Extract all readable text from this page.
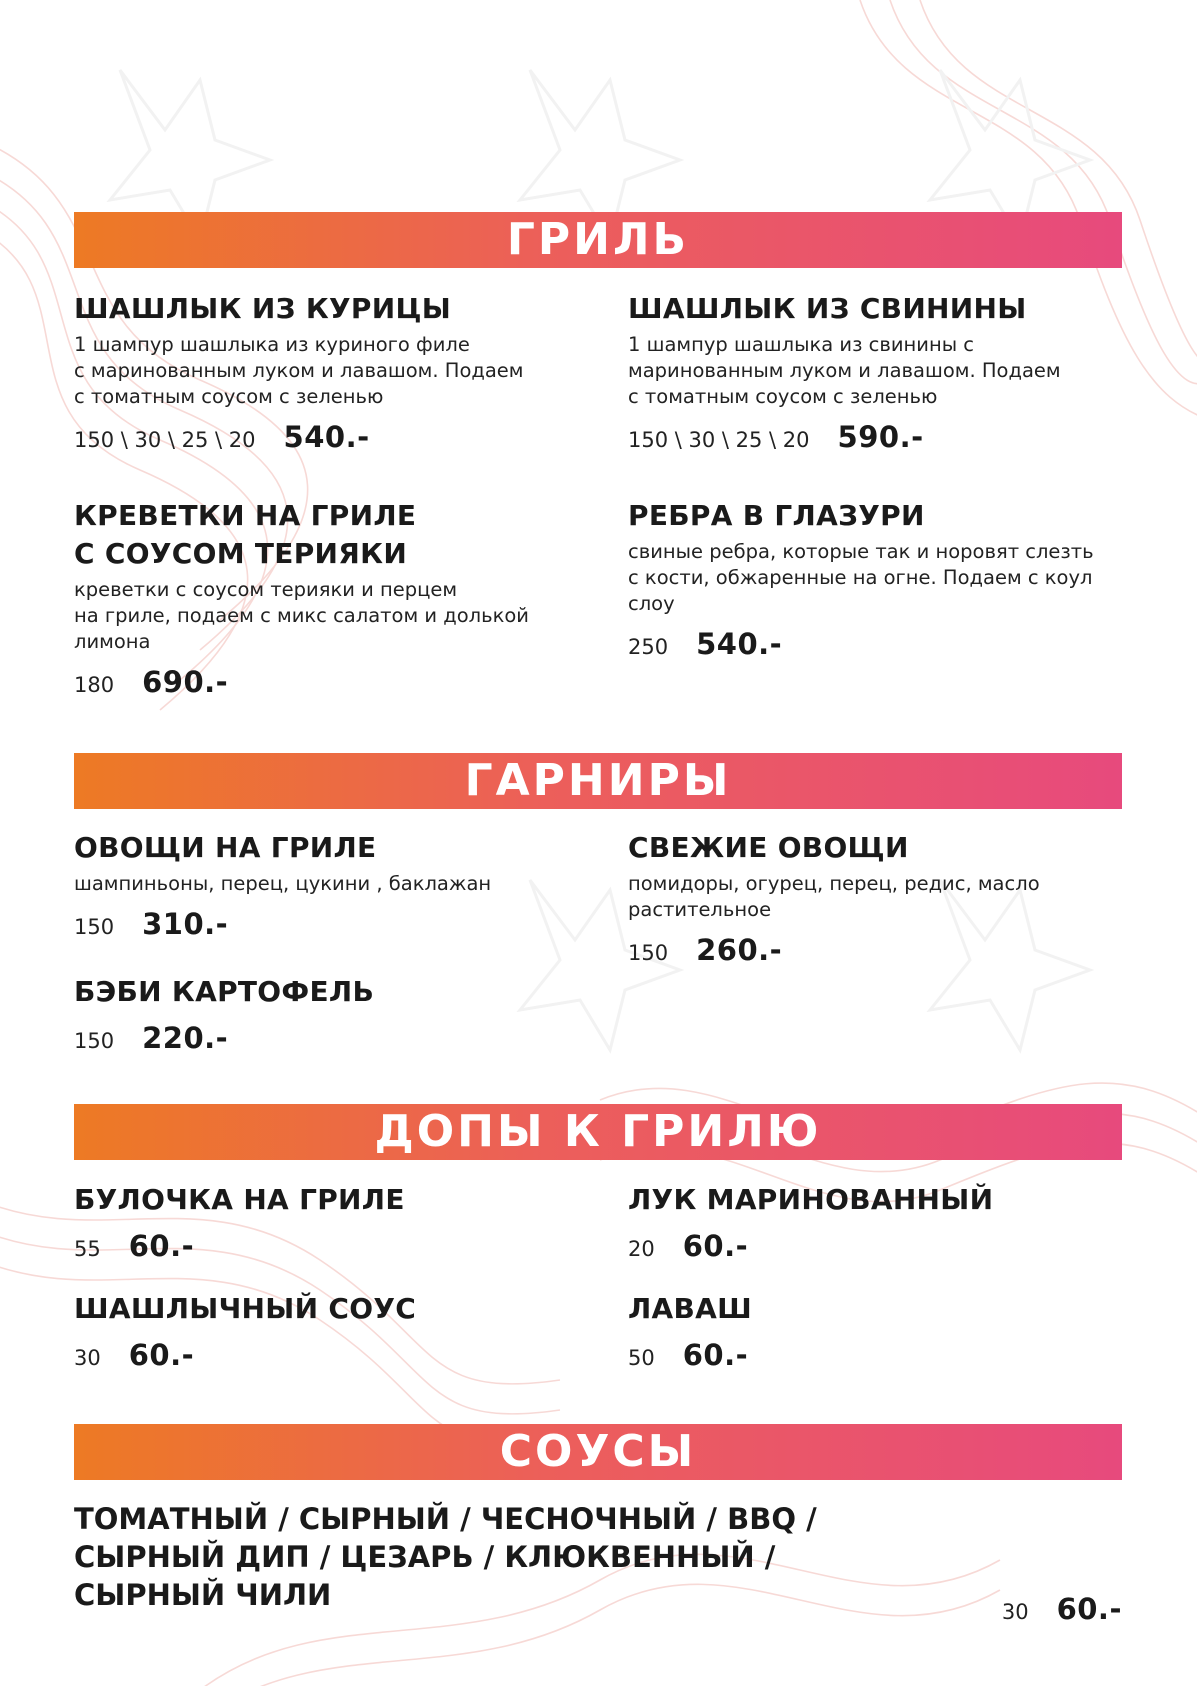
ГРИЛЬ
ШАШЛЫК ИЗ КУРИЦЫ

1 шампур шашлыка из куриного филе
с маринованным луком и лавашом. Подаем
с томатным соусом с зеленью

150 \ 30 \ 25 \ 20 540.-
ШАШЛЫК ИЗ СВИНИНЫ

1 шампур шашлыка из свинины с
маринованным луком и лавашом. Подаем
с томатным соусом с зеленью

150 \ 30 \ 25 \ 20 590.-
КРЕВЕТКИ НА ГРИЛЕ
С СОУСОМ ТЕРИЯКИ

креветки с соусом терияки и перцем
на гриле, подаем с микс салатом и долькой
лимона

180 690.-
РЕБРА В ГЛАЗУРИ

свиные ребра, которые так и норовят слезть
с кости, обжаренные на огне. Подаем с коул
слоу

250 540.-
ГАРНИРЫ
ОВОЩИ НА ГРИЛЕ

шампиньоны, перец, цукини , баклажан

150 310.-
СВЕЖИЕ ОВОЩИ

помидоры, огурец, перец, редис, масло
растительное

150 260.-
БЭБИ КАРТОФЕЛЬ
150 220.-
ДОПЫ К ГРИЛЮ
БУЛОЧКА НА ГРИЛЕ
55 60.-
ЛУК МАРИНОВАННЫЙ
20 60.-
ШАШЛЫЧНЫЙ СОУС
30 60.-
ЛАВАШ
50 60.-
СОУСЫ
ТОМАТНЫЙ / СЫРНЫЙ / ЧЕСНОЧНЫЙ / BBQ /
СЫРНЫЙ ДИП / ЦЕЗАРЬ / КЛЮКВЕННЫЙ /
СЫРНЫЙ ЧИЛИ	30 60.-
